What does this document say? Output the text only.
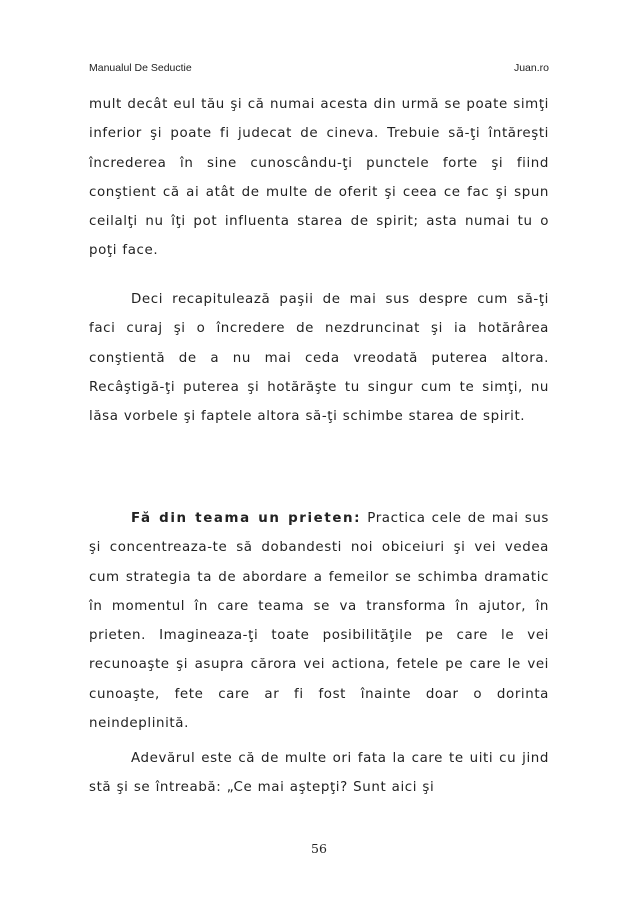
Manualul De Seductie	Juan.ro

mult decât eul tău şi că numai acesta din urmă se poate simţi inferior şi poate fi judecat de cineva. Trebuie să-ţi întăreşti încrederea în sine cunoscându-ţi punctele forte şi fiind conştient că ai atât de multe de oferit şi ceea ce fac şi spun ceilalţi nu îţi pot influenta starea de spirit; asta numai tu o poţi face.

Deci recapitulează paşii de mai sus despre cum să-ţi faci curaj şi o încredere de nezdruncinat şi ia hotărârea conştientă de a nu mai ceda vreodată puterea altora. Recâştigă-ţi puterea şi hotărăşte tu singur cum te simţi, nu lăsa vorbele şi faptele altora să-ţi schimbe starea de spirit.

Fă din teama un prieten: Practica cele de mai sus şi concentreaza-te să dobandesti noi obiceiuri şi vei vedea cum strategia ta de abordare a femeilor se schimba dramatic în momentul în care teama se va transforma în ajutor, în prieten. Imagineaza-ţi toate posibilităţile pe care le vei recunoaşte şi asupra cărora vei actiona, fetele pe care le vei cunoaşte, fete care ar fi fost înainte doar o dorinta neindeplinită.

Adevărul este că de multe ori fata la care te uiti cu jind stă şi se întreabă: „Ce mai aştepţi? Sunt aici şi

56
